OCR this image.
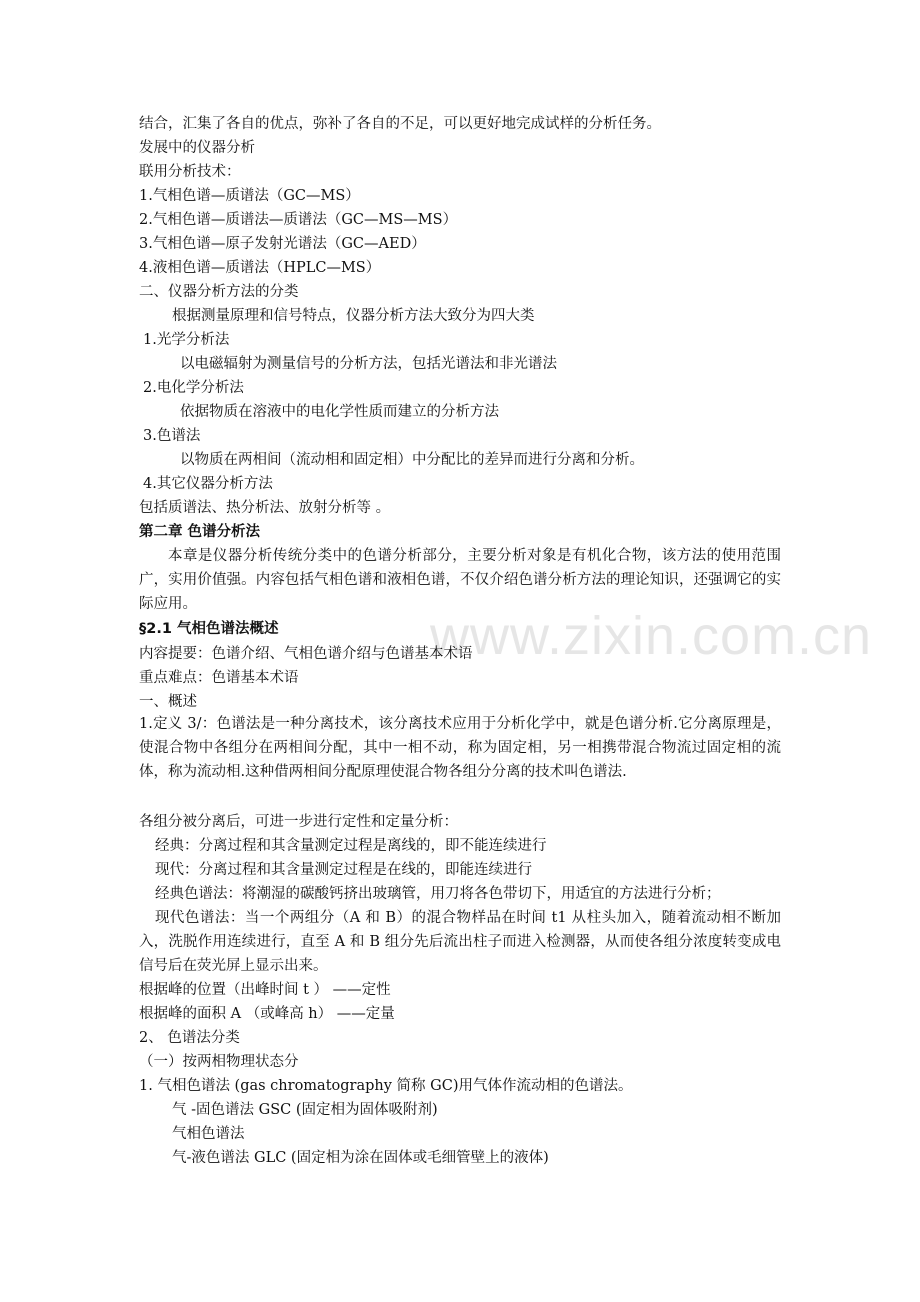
www.zixin.com.cn
结合，汇集了各自的优点，弥补了各自的不足，可以更好地完成试样的分析任务。
发展中的仪器分析
联用分析技术：
1.气相色谱—质谱法（GC—MS）
2.气相色谱—质谱法—质谱法（GC—MS—MS）
3.气相色谱—原子发射光谱法（GC—AED）
4.液相色谱—质谱法（HPLC—MS）
二、仪器分析方法的分类
根据测量原理和信号特点，仪器分析方法大致分为四大类
1.光学分析法
以电磁辐射为测量信号的分析方法，包括光谱法和非光谱法
2.电化学分析法
依据物质在溶液中的电化学性质而建立的分析方法
3.色谱法
以物质在两相间（流动相和固定相）中分配比的差异而进行分离和分析。
4.其它仪器分析方法
包括质谱法、热分析法、放射分析等 。
第二章 色谱分析法
本章是仪器分析传统分类中的色谱分析部分，主要分析对象是有机化合物，该方法的使用范围广，实用价值强。内容包括气相色谱和液相色谱，不仅介绍色谱分析方法的理论知识，还强调它的实际应用。
§2.1 气相色谱法概述
内容提要：色谱介绍、气相色谱介绍与色谱基本术语
重点难点：色谱基本术语
一、概述
1.定义 3/：色谱法是一种分离技术，该分离技术应用于分析化学中，就是色谱分析.它分离原理是，使混合物中各组分在两相间分配，其中一相不动，称为固定相，另一相携带混合物流过固定相的流体，称为流动相.这种借两相间分配原理使混合物各组分分离的技术叫色谱法.
各组分被分离后，可进一步进行定性和定量分析：
经典：分离过程和其含量测定过程是离线的，即不能连续进行
现代：分离过程和其含量测定过程是在线的，即能连续进行
经典色谱法：将潮湿的碳酸钙挤出玻璃管，用刀将各色带切下，用适宜的方法进行分析；
现代色谱法：当一个两组分（A 和 B）的混合物样品在时间 t1 从柱头加入，随着流动相不断加入，洗脱作用连续进行，直至 A 和 B 组分先后流出柱子而进入检测器，从而使各组分浓度转变成电信号后在荧光屏上显示出来。
根据峰的位置（出峰时间 t ） ——定性
根据峰的面积 A （或峰高 h） ——定量
2、 色谱法分类
（一）按两相物理状态分
1. 气相色谱法 (gas chromatography 简称 GC)用气体作流动相的色谱法。
气 -固色谱法 GSC (固定相为固体吸附剂)
气相色谱法
气-液色谱法 GLC (固定相为涂在固体或毛细管壁上的液体)
